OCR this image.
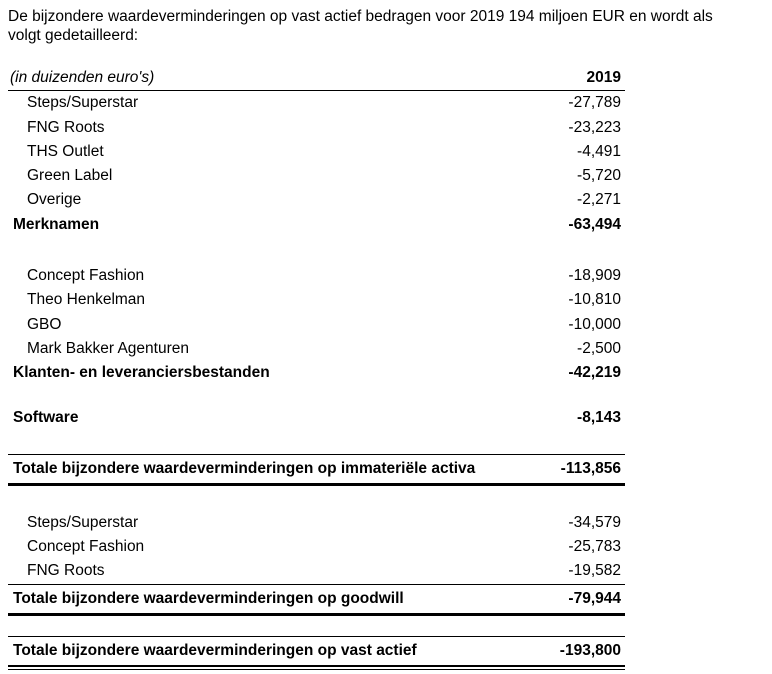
De bijzondere waardeverminderingen op vast actief bedragen voor 2019 194 miljoen EUR en wordt als
volgt gedetailleerd:

(in duizenden euro's)	2019
Steps/Superstar	-27,789
FNG Roots	-23,223
THS Outlet	-4,491
Green Label	-5,720
Overige	-2,271
Merknamen	-63,494
Concept Fashion	-18,909
Theo Henkelman	-10,810
GBO	-10,000
Mark Bakker Agenturen	-2,500
Klanten- en leveranciersbestanden	-42,219
Software	-8,143
Totale bijzondere waardeverminderingen op immateriële activa	-113,856
Steps/Superstar	-34,579
Concept Fashion	-25,783
FNG Roots	-19,582
Totale bijzondere waardeverminderingen op goodwill	-79,944
Totale bijzondere waardeverminderingen op vast actief	-193,800
